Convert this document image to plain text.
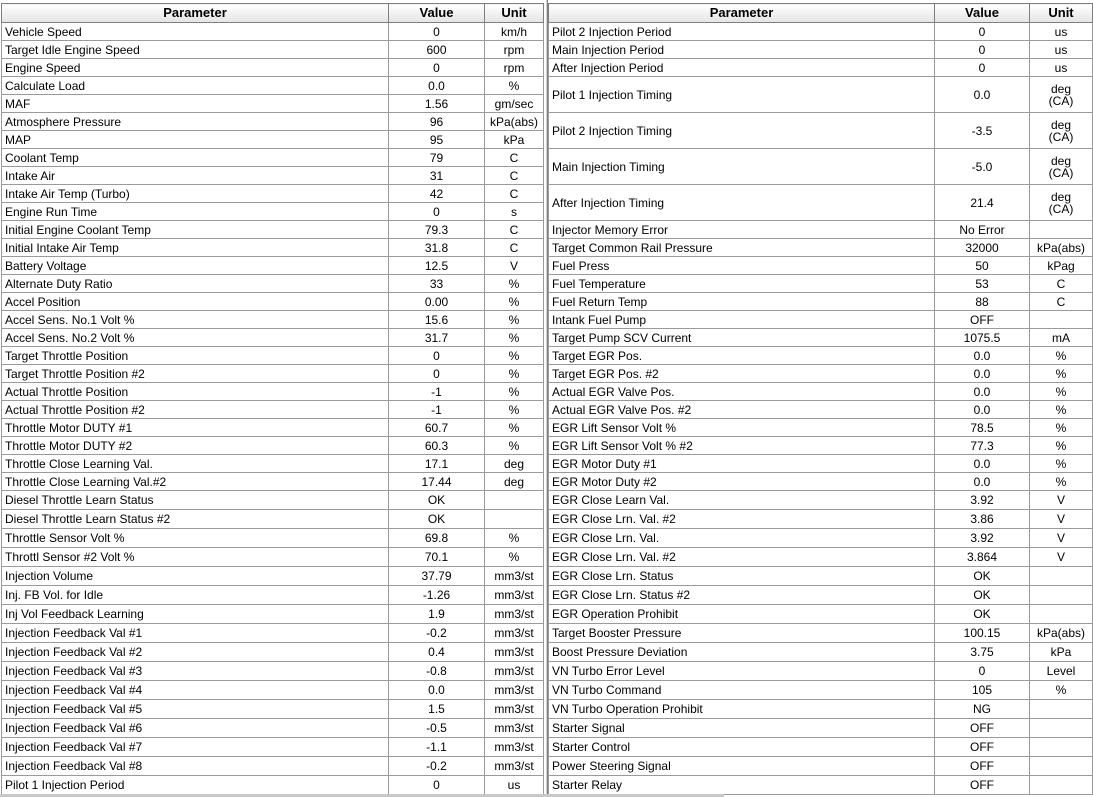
Parameter	Value	Unit
Vehicle Speed	0	km/h
Target Idle Engine Speed	600	rpm
Engine Speed	0	rpm
Calculate Load	0.0	%
MAF	1.56	gm/sec
Atmosphere Pressure	96	kPa(abs)
MAP	95	kPa
Coolant Temp	79	C
Intake Air	31	C
Intake Air Temp (Turbo)	42	C
Engine Run Time	0	s
Initial Engine Coolant Temp	79.3	C
Initial Intake Air Temp	31.8	C
Battery Voltage	12.5	V
Alternate Duty Ratio	33	%
Accel Position	0.00	%
Accel Sens. No.1 Volt %	15.6	%
Accel Sens. No.2 Volt %	31.7	%
Target Throttle Position	0	%
Target Throttle Position #2	0	%
Actual Throttle Position	-1	%
Actual Throttle Position #2	-1	%
Throttle Motor DUTY #1	60.7	%
Throttle Motor DUTY #2	60.3	%
Throttle Close Learning Val.	17.1	deg
Throttle Close Learning Val.#2	17.44	deg
Diesel Throttle Learn Status	OK	
Diesel Throttle Learn Status #2	OK	
Throttle Sensor Volt %	69.8	%
Throttl Sensor #2 Volt %	70.1	%
Injection Volume	37.79	mm3/st
Inj. FB Vol. for Idle	-1.26	mm3/st
Inj Vol Feedback Learning	1.9	mm3/st
Injection Feedback Val #1	-0.2	mm3/st
Injection Feedback Val #2	0.4	mm3/st
Injection Feedback Val #3	-0.8	mm3/st
Injection Feedback Val #4	0.0	mm3/st
Injection Feedback Val #5	1.5	mm3/st
Injection Feedback Val #6	-0.5	mm3/st
Injection Feedback Val #7	-1.1	mm3/st
Injection Feedback Val #8	-0.2	mm3/st
Pilot 1 Injection Period	0	us
Parameter	Value	Unit
Pilot 2 Injection Period	0	us
Main Injection Period	0	us
After Injection Period	0	us
Pilot 1 Injection Timing	0.0	deg
(CA)

Pilot 2 Injection Timing	-3.5	deg
(CA)

Main Injection Timing	-5.0	deg
(CA)

After Injection Timing	21.4	deg
(CA)

Injector Memory Error	No Error	
Target Common Rail Pressure	32000	kPa(abs)
Fuel Press	50	kPag
Fuel Temperature	53	C
Fuel Return Temp	88	C
Intank Fuel Pump	OFF	
Target Pump SCV Current	1075.5	mA
Target EGR Pos.	0.0	%
Target EGR Pos. #2	0.0	%
Actual EGR Valve Pos.	0.0	%
Actual EGR Valve Pos. #2	0.0	%
EGR Lift Sensor Volt %	78.5	%
EGR Lift Sensor Volt % #2	77.3	%
EGR Motor Duty #1	0.0	%
EGR Motor Duty #2	0.0	%
EGR Close Learn Val.	3.92	V
EGR Close Lrn. Val. #2	3.86	V
EGR Close Lrn. Val.	3.92	V
EGR Close Lrn. Val. #2	3.864	V
EGR Close Lrn. Status	OK	
EGR Close Lrn. Status #2	OK	
EGR Operation Prohibit	OK	
Target Booster Pressure	100.15	kPa(abs)
Boost Pressure Deviation	3.75	kPa
VN Turbo Error Level	0	Level
VN Turbo Command	105	%
VN Turbo Operation Prohibit	NG	
Starter Signal	OFF	
Starter Control	OFF	
Power Steering Signal	OFF	
Starter Relay	OFF	
